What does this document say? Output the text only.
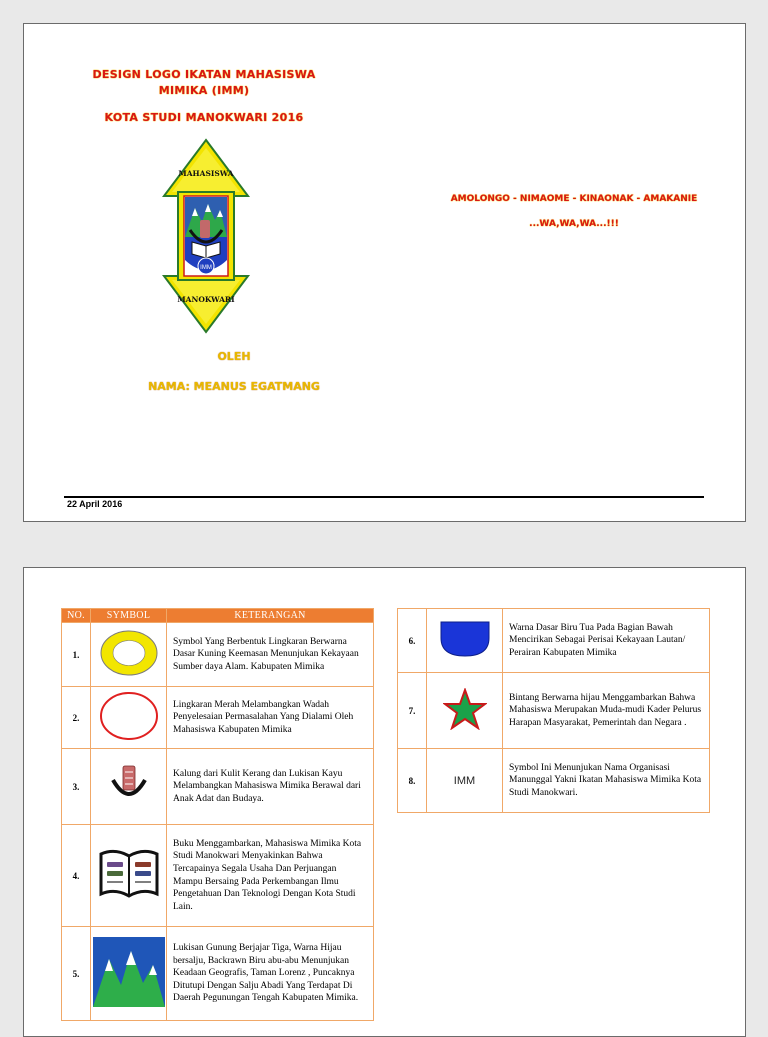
DESIGN LOGO IKATAN MAHASISWA
MIMIKA (IMM)
KOTA STUDI MANOKWARI 2016
IMM
MAHASISWA
MANOKWARI
AMOLONGO - NIMAOME - KINAONAK - AMAKANIE
...WA,WA,WA...!!!
OLEH
NAMA: MEANUS EGATMANG
22 April 2016
NO.	SYMBOL	KETERANGAN
1.		Symbol Yang Berbentuk Lingkaran Berwarna Dasar Kuning Keemasan Menunjukan Kekayaan Sumber daya Alam. Kabupaten Mimika
2.		Lingkaran Merah Melambangkan Wadah Penyelesaian Permasalahan Yang Dialami Oleh Mahasiswa Kabupaten Mimika
3.		Kalung dari Kulit Kerang dan Lukisan Kayu Melambangkan Mahasiswa Mimika Berawal dari Anak Adat dan Budaya.
4.		Buku Menggambarkan, Mahasiswa Mimika Kota Studi Manokwari Menyakinkan Bahwa Tercapainya Segala Usaha Dan Perjuangan Mampu Bersaing Pada Perkembangan Ilmu Pengetahuan Dan Teknologi Dengan Kota Studi Lain.
5.		Lukisan Gunung Berjajar Tiga, Warna Hijau bersalju, Backrawn Biru abu-abu Menunjukan Keadaan Geografis, Taman Lorenz , Puncaknya Ditutupi Dengan Salju Abadi Yang Terdapat Di Daerah Pegunungan Tengah Kabupaten Mimika.
6.		Warna Dasar Biru Tua Pada Bagian Bawah Mencirikan Sebagai Perisai Kekayaan Lautan/ Perairan Kabupaten Mimika
7.		Bintang Berwarna hijau Menggambarkan Bahwa Mahasiswa Merupakan Muda-mudi Kader Pelurus Harapan Masyarakat, Pemerintah dan Negara .
8.	IMM	Symbol Ini Menunjukan Nama Organisasi Manunggal Yakni Ikatan Mahasiswa Mimika Kota Studi Manokwari.
